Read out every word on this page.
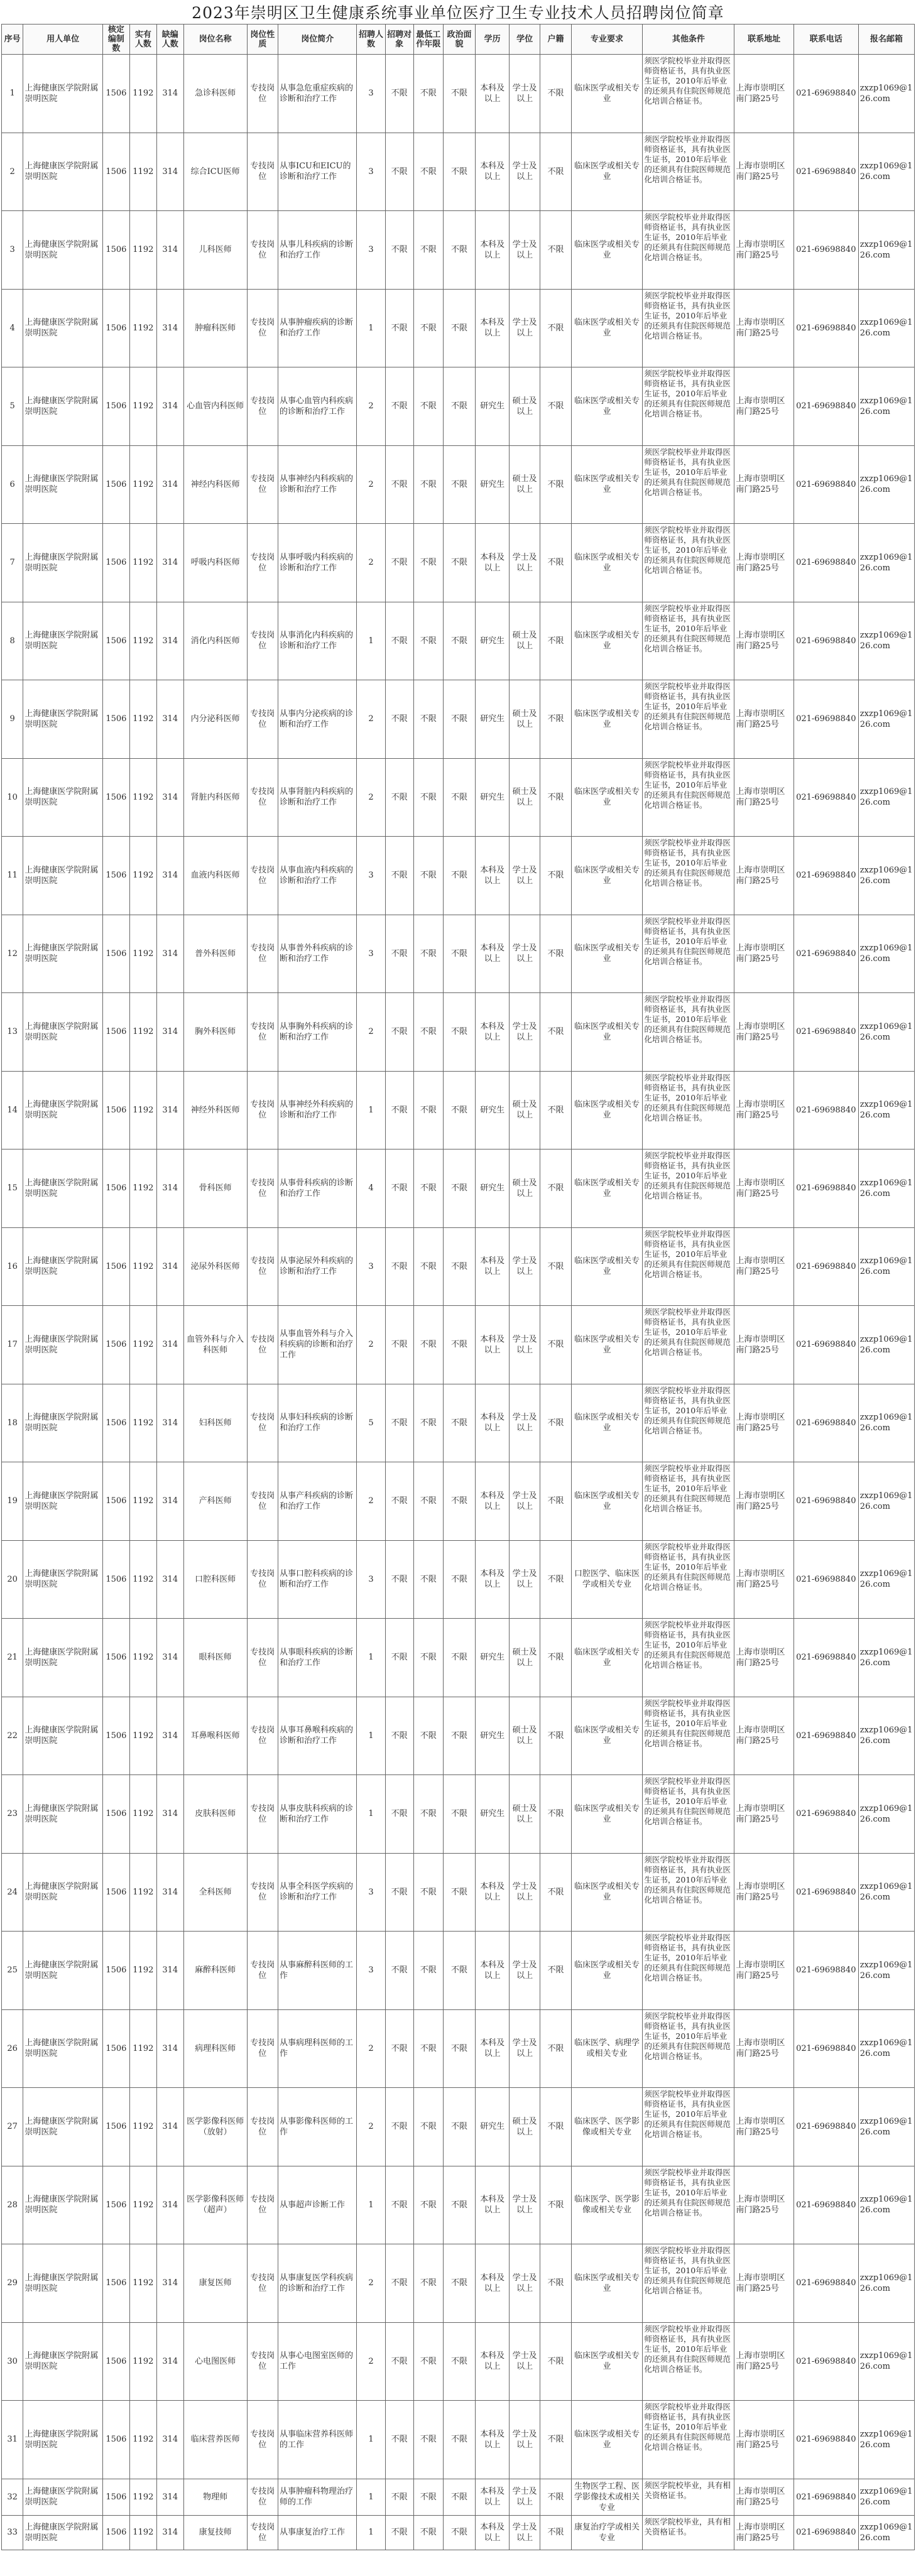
2023年崇明区卫生健康系统事业单位医疗卫生专业技术人员招聘岗位简章
序号	用人单位	核定编制数	实有人数	缺编人数	岗位名称	岗位性质	岗位简介	招聘人数	招聘对象	最低工作年限	政治面貌	学历	学位	户籍	专业要求	其他条件	联系地址	联系电话	报名邮箱
1	上海健康医学院附属崇明医院	1506	1192	314	急诊科医师	专技岗位	从事急危重症疾病的诊断和治疗工作	3	不限	不限	不限	本科及以上	学士及以上	不限	临床医学或相关专业	须医学院校毕业并取得医师资格证书，具有执业医生证书，2010年后毕业的还须具有住院医师规范化培训合格证书。	上海市崇明区南门路25号	021-69698840	zxzp1069@126.com
2	上海健康医学院附属崇明医院	1506	1192	314	综合ICU医师	专技岗位	从事ICU和EICU的诊断和治疗工作	3	不限	不限	不限	本科及以上	学士及以上	不限	临床医学或相关专业	须医学院校毕业并取得医师资格证书，具有执业医生证书，2010年后毕业的还须具有住院医师规范化培训合格证书。	上海市崇明区南门路25号	021-69698840	zxzp1069@126.com
3	上海健康医学院附属崇明医院	1506	1192	314	儿科医师	专技岗位	从事儿科疾病的诊断和治疗工作	3	不限	不限	不限	本科及以上	学士及以上	不限	临床医学或相关专业	须医学院校毕业并取得医师资格证书，具有执业医生证书，2010年后毕业的还须具有住院医师规范化培训合格证书。	上海市崇明区南门路25号	021-69698840	zxzp1069@126.com
4	上海健康医学院附属崇明医院	1506	1192	314	肿瘤科医师	专技岗位	从事肿瘤疾病的诊断和治疗工作	1	不限	不限	不限	本科及以上	学士及以上	不限	临床医学或相关专业	须医学院校毕业并取得医师资格证书，具有执业医生证书，2010年后毕业的还须具有住院医师规范化培训合格证书。	上海市崇明区南门路25号	021-69698840	zxzp1069@126.com
5	上海健康医学院附属崇明医院	1506	1192	314	心血管内科医师	专技岗位	从事心血管内科疾病的诊断和治疗工作	2	不限	不限	不限	研究生	硕士及以上	不限	临床医学或相关专业	须医学院校毕业并取得医师资格证书，具有执业医生证书，2010年后毕业的还须具有住院医师规范化培训合格证书。	上海市崇明区南门路25号	021-69698840	zxzp1069@126.com
6	上海健康医学院附属崇明医院	1506	1192	314	神经内科医师	专技岗位	从事神经内科疾病的诊断和治疗工作	2	不限	不限	不限	研究生	硕士及以上	不限	临床医学或相关专业	须医学院校毕业并取得医师资格证书，具有执业医生证书，2010年后毕业的还须具有住院医师规范化培训合格证书。	上海市崇明区南门路25号	021-69698840	zxzp1069@126.com
7	上海健康医学院附属崇明医院	1506	1192	314	呼吸内科医师	专技岗位	从事呼吸内科疾病的诊断和治疗工作	2	不限	不限	不限	本科及以上	学士及以上	不限	临床医学或相关专业	须医学院校毕业并取得医师资格证书，具有执业医生证书，2010年后毕业的还须具有住院医师规范化培训合格证书。	上海市崇明区南门路25号	021-69698840	zxzp1069@126.com
8	上海健康医学院附属崇明医院	1506	1192	314	消化内科医师	专技岗位	从事消化内科疾病的诊断和治疗工作	1	不限	不限	不限	研究生	硕士及以上	不限	临床医学或相关专业	须医学院校毕业并取得医师资格证书，具有执业医生证书，2010年后毕业的还须具有住院医师规范化培训合格证书。	上海市崇明区南门路25号	021-69698840	zxzp1069@126.com
9	上海健康医学院附属崇明医院	1506	1192	314	内分泌科医师	专技岗位	从事内分泌疾病的诊断和治疗工作	2	不限	不限	不限	研究生	硕士及以上	不限	临床医学或相关专业	须医学院校毕业并取得医师资格证书，具有执业医生证书，2010年后毕业的还须具有住院医师规范化培训合格证书。	上海市崇明区南门路25号	021-69698840	zxzp1069@126.com
10	上海健康医学院附属崇明医院	1506	1192	314	肾脏内科医师	专技岗位	从事肾脏内科疾病的诊断和治疗工作	2	不限	不限	不限	研究生	硕士及以上	不限	临床医学或相关专业	须医学院校毕业并取得医师资格证书，具有执业医生证书，2010年后毕业的还须具有住院医师规范化培训合格证书。	上海市崇明区南门路25号	021-69698840	zxzp1069@126.com
11	上海健康医学院附属崇明医院	1506	1192	314	血液内科医师	专技岗位	从事血液内科疾病的诊断和治疗工作	3	不限	不限	不限	本科及以上	学士及以上	不限	临床医学或相关专业	须医学院校毕业并取得医师资格证书，具有执业医生证书，2010年后毕业的还须具有住院医师规范化培训合格证书。	上海市崇明区南门路25号	021-69698840	zxzp1069@126.com
12	上海健康医学院附属崇明医院	1506	1192	314	普外科医师	专技岗位	从事普外科疾病的诊断和治疗工作	3	不限	不限	不限	本科及以上	学士及以上	不限	临床医学或相关专业	须医学院校毕业并取得医师资格证书，具有执业医生证书，2010年后毕业的还须具有住院医师规范化培训合格证书。	上海市崇明区南门路25号	021-69698840	zxzp1069@126.com
13	上海健康医学院附属崇明医院	1506	1192	314	胸外科医师	专技岗位	从事胸外科疾病的诊断和治疗工作	2	不限	不限	不限	本科及以上	学士及以上	不限	临床医学或相关专业	须医学院校毕业并取得医师资格证书，具有执业医生证书，2010年后毕业的还须具有住院医师规范化培训合格证书。	上海市崇明区南门路25号	021-69698840	zxzp1069@126.com
14	上海健康医学院附属崇明医院	1506	1192	314	神经外科医师	专技岗位	从事神经外科疾病的诊断和治疗工作	1	不限	不限	不限	研究生	硕士及以上	不限	临床医学或相关专业	须医学院校毕业并取得医师资格证书，具有执业医生证书，2010年后毕业的还须具有住院医师规范化培训合格证书。	上海市崇明区南门路25号	021-69698840	zxzp1069@126.com
15	上海健康医学院附属崇明医院	1506	1192	314	骨科医师	专技岗位	从事骨科疾病的诊断和治疗工作	4	不限	不限	不限	研究生	硕士及以上	不限	临床医学或相关专业	须医学院校毕业并取得医师资格证书，具有执业医生证书，2010年后毕业的还须具有住院医师规范化培训合格证书。	上海市崇明区南门路25号	021-69698840	zxzp1069@126.com
16	上海健康医学院附属崇明医院	1506	1192	314	泌尿外科医师	专技岗位	从事泌尿外科疾病的诊断和治疗工作	3	不限	不限	不限	本科及以上	学士及以上	不限	临床医学或相关专业	须医学院校毕业并取得医师资格证书，具有执业医生证书，2010年后毕业的还须具有住院医师规范化培训合格证书。	上海市崇明区南门路25号	021-69698840	zxzp1069@126.com
17	上海健康医学院附属崇明医院	1506	1192	314	血管外科与介入科医师	专技岗位	从事血管外科与介入科疾病的诊断和治疗工作	2	不限	不限	不限	本科及以上	学士及以上	不限	临床医学或相关专业	须医学院校毕业并取得医师资格证书，具有执业医生证书，2010年后毕业的还须具有住院医师规范化培训合格证书。	上海市崇明区南门路25号	021-69698840	zxzp1069@126.com
18	上海健康医学院附属崇明医院	1506	1192	314	妇科医师	专技岗位	从事妇科疾病的诊断和治疗工作	5	不限	不限	不限	本科及以上	学士及以上	不限	临床医学或相关专业	须医学院校毕业并取得医师资格证书，具有执业医生证书，2010年后毕业的还须具有住院医师规范化培训合格证书。	上海市崇明区南门路25号	021-69698840	zxzp1069@126.com
19	上海健康医学院附属崇明医院	1506	1192	314	产科医师	专技岗位	从事产科疾病的诊断和治疗工作	2	不限	不限	不限	本科及以上	学士及以上	不限	临床医学或相关专业	须医学院校毕业并取得医师资格证书，具有执业医生证书，2010年后毕业的还须具有住院医师规范化培训合格证书。	上海市崇明区南门路25号	021-69698840	zxzp1069@126.com
20	上海健康医学院附属崇明医院	1506	1192	314	口腔科医师	专技岗位	从事口腔科疾病的诊断和治疗工作	3	不限	不限	不限	本科及以上	学士及以上	不限	口腔医学、临床医学或相关专业	须医学院校毕业并取得医师资格证书，具有执业医生证书，2010年后毕业的还须具有住院医师规范化培训合格证书。	上海市崇明区南门路25号	021-69698840	zxzp1069@126.com
21	上海健康医学院附属崇明医院	1506	1192	314	眼科医师	专技岗位	从事眼科疾病的诊断和治疗工作	1	不限	不限	不限	研究生	硕士及以上	不限	临床医学或相关专业	须医学院校毕业并取得医师资格证书，具有执业医生证书，2010年后毕业的还须具有住院医师规范化培训合格证书。	上海市崇明区南门路25号	021-69698840	zxzp1069@126.com
22	上海健康医学院附属崇明医院	1506	1192	314	耳鼻喉科医师	专技岗位	从事耳鼻喉科疾病的诊断和治疗工作	1	不限	不限	不限	研究生	硕士及以上	不限	临床医学或相关专业	须医学院校毕业并取得医师资格证书，具有执业医生证书，2010年后毕业的还须具有住院医师规范化培训合格证书。	上海市崇明区南门路25号	021-69698840	zxzp1069@126.com
23	上海健康医学院附属崇明医院	1506	1192	314	皮肤科医师	专技岗位	从事皮肤科疾病的诊断和治疗工作	1	不限	不限	不限	研究生	硕士及以上	不限	临床医学或相关专业	须医学院校毕业并取得医师资格证书，具有执业医生证书，2010年后毕业的还须具有住院医师规范化培训合格证书。	上海市崇明区南门路25号	021-69698840	zxzp1069@126.com
24	上海健康医学院附属崇明医院	1506	1192	314	全科医师	专技岗位	从事全科医学疾病的诊断和治疗工作	3	不限	不限	不限	本科及以上	学士及以上	不限	临床医学或相关专业	须医学院校毕业并取得医师资格证书，具有执业医生证书，2010年后毕业的还须具有住院医师规范化培训合格证书。	上海市崇明区南门路25号	021-69698840	zxzp1069@126.com
25	上海健康医学院附属崇明医院	1506	1192	314	麻醉科医师	专技岗位	从事麻醉科医师的工作	3	不限	不限	不限	本科及以上	学士及以上	不限	临床医学或相关专业	须医学院校毕业并取得医师资格证书，具有执业医生证书，2010年后毕业的还须具有住院医师规范化培训合格证书。	上海市崇明区南门路25号	021-69698840	zxzp1069@126.com
26	上海健康医学院附属崇明医院	1506	1192	314	病理科医师	专技岗位	从事病理科医师的工作	2	不限	不限	不限	本科及以上	学士及以上	不限	临床医学、病理学或相关专业	须医学院校毕业并取得医师资格证书，具有执业医生证书，2010年后毕业的还须具有住院医师规范化培训合格证书。	上海市崇明区南门路25号	021-69698840	zxzp1069@126.com
27	上海健康医学院附属崇明医院	1506	1192	314	医学影像科医师（放射）	专技岗位	从事影像科医师的工作	2	不限	不限	不限	研究生	硕士及以上	不限	临床医学、医学影像或相关专业	须医学院校毕业并取得医师资格证书，具有执业医生证书，2010年后毕业的还须具有住院医师规范化培训合格证书。	上海市崇明区南门路25号	021-69698840	zxzp1069@126.com
28	上海健康医学院附属崇明医院	1506	1192	314	医学影像科医师（超声）	专技岗位	从事超声诊断工作	1	不限	不限	不限	本科及以上	学士及以上	不限	临床医学、医学影像或相关专业	须医学院校毕业并取得医师资格证书，具有执业医生证书，2010年后毕业的还须具有住院医师规范化培训合格证书。	上海市崇明区南门路25号	021-69698840	zxzp1069@126.com
29	上海健康医学院附属崇明医院	1506	1192	314	康复医师	专技岗位	从事康复医学科疾病的诊断和治疗工作	2	不限	不限	不限	本科及以上	学士及以上	不限	临床医学或相关专业	须医学院校毕业并取得医师资格证书，具有执业医生证书，2010年后毕业的还须具有住院医师规范化培训合格证书。	上海市崇明区南门路25号	021-69698840	zxzp1069@126.com
30	上海健康医学院附属崇明医院	1506	1192	314	心电图医师	专技岗位	从事心电图室医师的工作	2	不限	不限	不限	本科及以上	学士及以上	不限	临床医学或相关专业	须医学院校毕业并取得医师资格证书，具有执业医生证书，2010年后毕业的还须具有住院医师规范化培训合格证书。	上海市崇明区南门路25号	021-69698840	zxzp1069@126.com
31	上海健康医学院附属崇明医院	1506	1192	314	临床营养医师	专技岗位	从事临床营养科医师的工作	1	不限	不限	不限	本科及以上	学士及以上	不限	临床医学或相关专业	须医学院校毕业并取得医师资格证书，具有执业医生证书，2010年后毕业的还须具有住院医师规范化培训合格证书。	上海市崇明区南门路25号	021-69698840	zxzp1069@126.com
32	上海健康医学院附属崇明医院	1506	1192	314	物理师	专技岗位	从事肿瘤科物理治疗师的工作	1	不限	不限	不限	本科及以上	学士及以上	不限	生物医学工程、医学影像技术或相关专业	须医学院校毕业，具有相关资格证书。	上海市崇明区南门路25号	021-69698840	zxzp1069@126.com
33	上海健康医学院附属崇明医院	1506	1192	314	康复技师	专技岗位	从事康复治疗工作	1	不限	不限	不限	本科及以上	学士及以上	不限	康复治疗学或相关专业	须医学院校毕业，具有相关资格证书。	上海市崇明区南门路25号	021-69698840	zxzp1069@126.com
